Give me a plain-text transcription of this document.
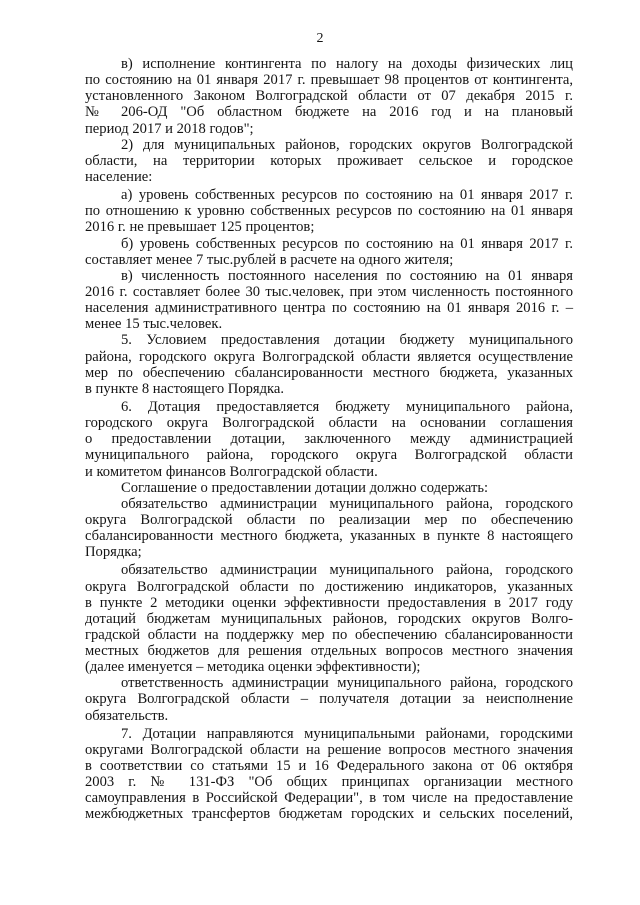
2
в) исполнение контингента по налогу на доходы физических лиц
по состоянию на 01 января 2017 г. превышает 98 процентов от контингента,
установленного Законом Волгоградской области от 07 декабря 2015 г.
№ 206-ОД "Об областном бюджете на 2016 год и на плановый
период 2017 и 2018 годов";
2) для муниципальных районов, городских округов Волгоградской
области, на территории которых проживает сельское и городское
население:
а) уровень собственных ресурсов по состоянию на 01 января 2017 г.
по отношению к уровню собственных ресурсов по состоянию на 01 января
2016 г. не превышает 125 процентов;
б) уровень собственных ресурсов по состоянию на 01 января 2017 г.
составляет менее 7 тыс.рублей в расчете на одного жителя;
в) численность постоянного населения по состоянию на 01 января
2016 г. составляет более 30 тыс.человек, при этом численность постоянного
населения административного центра по состоянию на 01 января 2016 г. –
менее 15 тыс.человек.
5. Условием предоставления дотации бюджету муниципального
района, городского округа Волгоградской области является осуществление
мер по обеспечению сбалансированности местного бюджета, указанных
в пункте 8 настоящего Порядка.
6. Дотация предоставляется бюджету муниципального района,
городского округа Волгоградской области на основании соглашения
о предоставлении дотации, заключенного между администрацией
муниципального района, городского округа Волгоградской области
и комитетом финансов Волгоградской области.
Соглашение о предоставлении дотации должно содержать:
обязательство администрации муниципального района, городского
округа Волгоградской области по реализации мер по обеспечению
сбалансированности местного бюджета, указанных в пункте 8 настоящего
Порядка;
обязательство администрации муниципального района, городского
округа Волгоградской области по достижению индикаторов, указанных
в пункте 2 методики оценки эффективности предоставления в 2017 году
дотаций бюджетам муниципальных районов, городских округов Волго-
градской области на поддержку мер по обеспечению сбалансированности
местных бюджетов для решения отдельных вопросов местного значения
(далее именуется – методика оценки эффективности);
ответственность администрации муниципального района, городского
округа Волгоградской области – получателя дотации за неисполнение
обязательств.
7. Дотации направляются муниципальными районами, городскими
округами Волгоградской области на решение вопросов местного значения
в соответствии со статьями 15 и 16 Федерального закона от 06 октября
2003 г. № 131-ФЗ "Об общих принципах организации местного
самоуправления в Российской Федерации", в том числе на предоставление
межбюджетных трансфертов бюджетам городских и сельских поселений,
